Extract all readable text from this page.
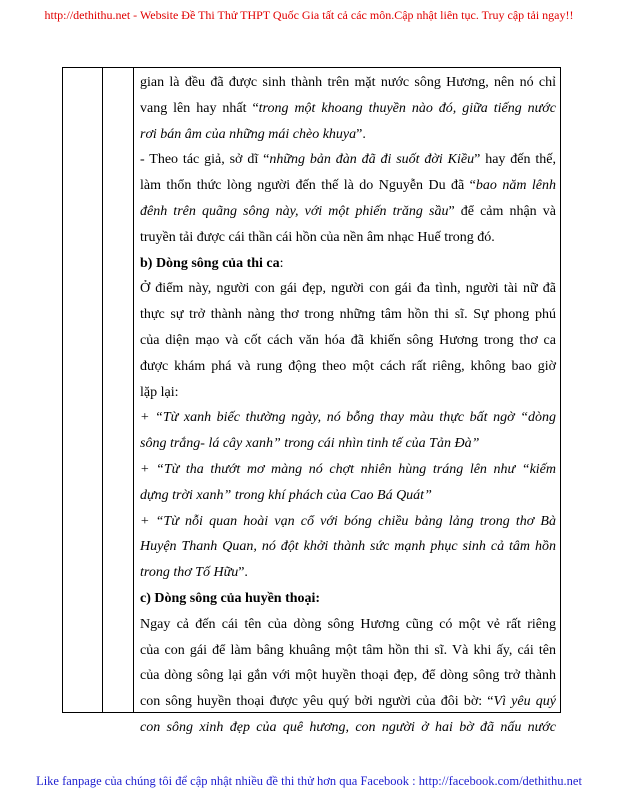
http://dethithu.net - Website Đề Thi Thử THPT Quốc Gia tất cả các môn.Cập nhật liên tục. Truy cập tải ngay!!
gian là đều đã được sinh thành trên mặt nước sông Hương, nên nó chỉ
vang lên hay nhất “trong một khoang thuyền nào đó, giữa tiếng nước
rơi bán âm của những mái chèo khuya”.
- Theo tác giả, sở dĩ “những bản đàn đã đi suốt đời Kiều” hay đến thế,
làm thổn thức lòng người đến thế là do Nguyễn Du đã “bao năm lênh
đênh trên quãng sông này, với một phiến trăng sầu” để cảm nhận và
truyền tải được cái thần cái hồn của nền âm nhạc Huế trong đó.
b) Dòng sông của thi ca:
Ở điểm này, người con gái đẹp, người con gái đa tình, người tài nữ đã
thực sự trở thành nàng thơ trong những tâm hồn thi sĩ. Sự phong phú
của diện mạo và cốt cách văn hóa đã khiến sông Hương trong thơ ca
được khám phá và rung động theo một cách rất riêng, không bao giờ
lặp lại:
+ “Từ xanh biếc thường ngày, nó bỗng thay màu thực bất ngờ “dòng
sông trắng- lá cây xanh” trong cái nhìn tinh tế của Tản Đà”
+ “Từ tha thướt mơ màng nó chợt nhiên hùng tráng lên như “kiếm
dựng trời xanh” trong khí phách của Cao Bá Quát”
+ “Từ nỗi quan hoài vạn cổ với bóng chiều bảng lảng trong thơ Bà
Huyện Thanh Quan, nó đột khởi thành sức mạnh phục sinh cả tâm hồn
trong thơ Tố Hữu”.
c) Dòng sông của huyền thoại:
Ngay cả đến cái tên của dòng sông Hương cũng có một vẻ rất riêng
của con gái để làm bâng khuâng một tâm hồn thi sĩ. Và khi ấy, cái tên
của dòng sông lại gắn với một huyền thoại đẹp, để dòng sông trở thành
con sông huyền thoại được yêu quý bởi người của đôi bờ: “Vì yêu quý
con sông xinh đẹp của quê hương, con người ở hai bờ đã nấu nước
Like fanpage của chúng tôi để cập nhật nhiều đề thi thử hơn qua Facebook : http://facebook.com/dethithu.net
